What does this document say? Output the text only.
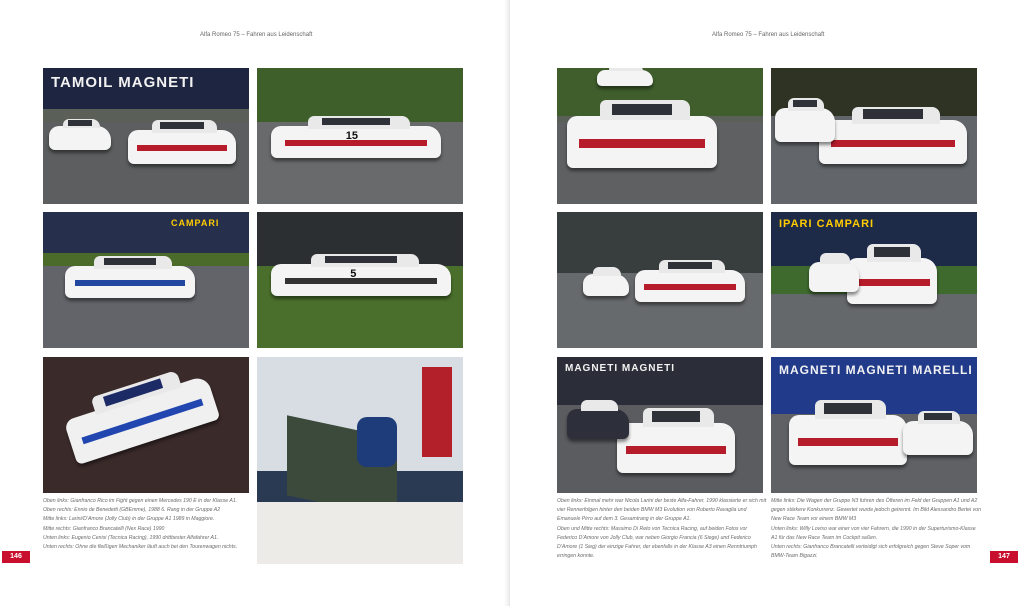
Alfa Romeo 75 – Fahren aus Leidenschaft
TAMOIL MAGNETI
15
CAMPARI
5

Oben links: Gianfranco Rico im Fight gegen einen Mercedes 190 E in der Klasse A1.

Oben rechts: Ennio de Benedetti (GBEmme), 1988 6. Rang in der Gruppe A2

Mitte links: Larini/D’Amore (Jolly Club) in der Gruppe A1 1989 in Maggiore.

Mitte rechts: Gianfranco Brancatelli (Nex Race) 1990

Unten links: Eugenio Cenisi (Tecnica Racing), 1990 drittbester Alfafahrer A1.

Unten rechts: Ohne die fleißigen Mechaniker läuft auch bei den Tourenwagen nichts.

146
Alfa Romeo 75 – Fahren aus Leidenschaft
IPARI CAMPARI
MAGNETI MAGNETI	MAGNETI MAGNETI MARELLI

Oben links: Einmal mehr war Nicola Larini der beste Alfa-Fahrer. 1990 klassierte er sich mit vier Rennerfolgen hinter den beiden BMW M3 Evolution von Roberto Ravaglia und Emanuele Pirro auf dem 3. Gesamtrang in der Gruppe A1.

Oben und Mitte rechts: Massimo Di Reto von Tecnica Racing, auf beiden Fotos vor Federico D’Amore von Jolly Club, war neben Giorgio Francia (6 Siege) und Federico D’Amore (1 Sieg) der einzige Fahrer, der ebenfalls in der Klasse A3 einen Renntriumph erringen konnte.

Mitte links: Die Wagen der Gruppe N3 fuhren des Öfteren im Feld der Gruppen A1 und A2 gegen stärkere Konkurrenz. Gewertet wurde jedoch getrennt. Im Bild Alessandro Bertei von New Race Team vor einem BMW M3

Unten links: Willy Loviso war einer von vier Fahrern, die 1990 in der Superturismo-Klasse A1 für das New Race Team im Cockpit saßen.

Unten rechts: Gianfranco Brancatelli verteidigt sich erfolgreich gegen Steve Soper vom BMW-Team Bigazzi.	147
